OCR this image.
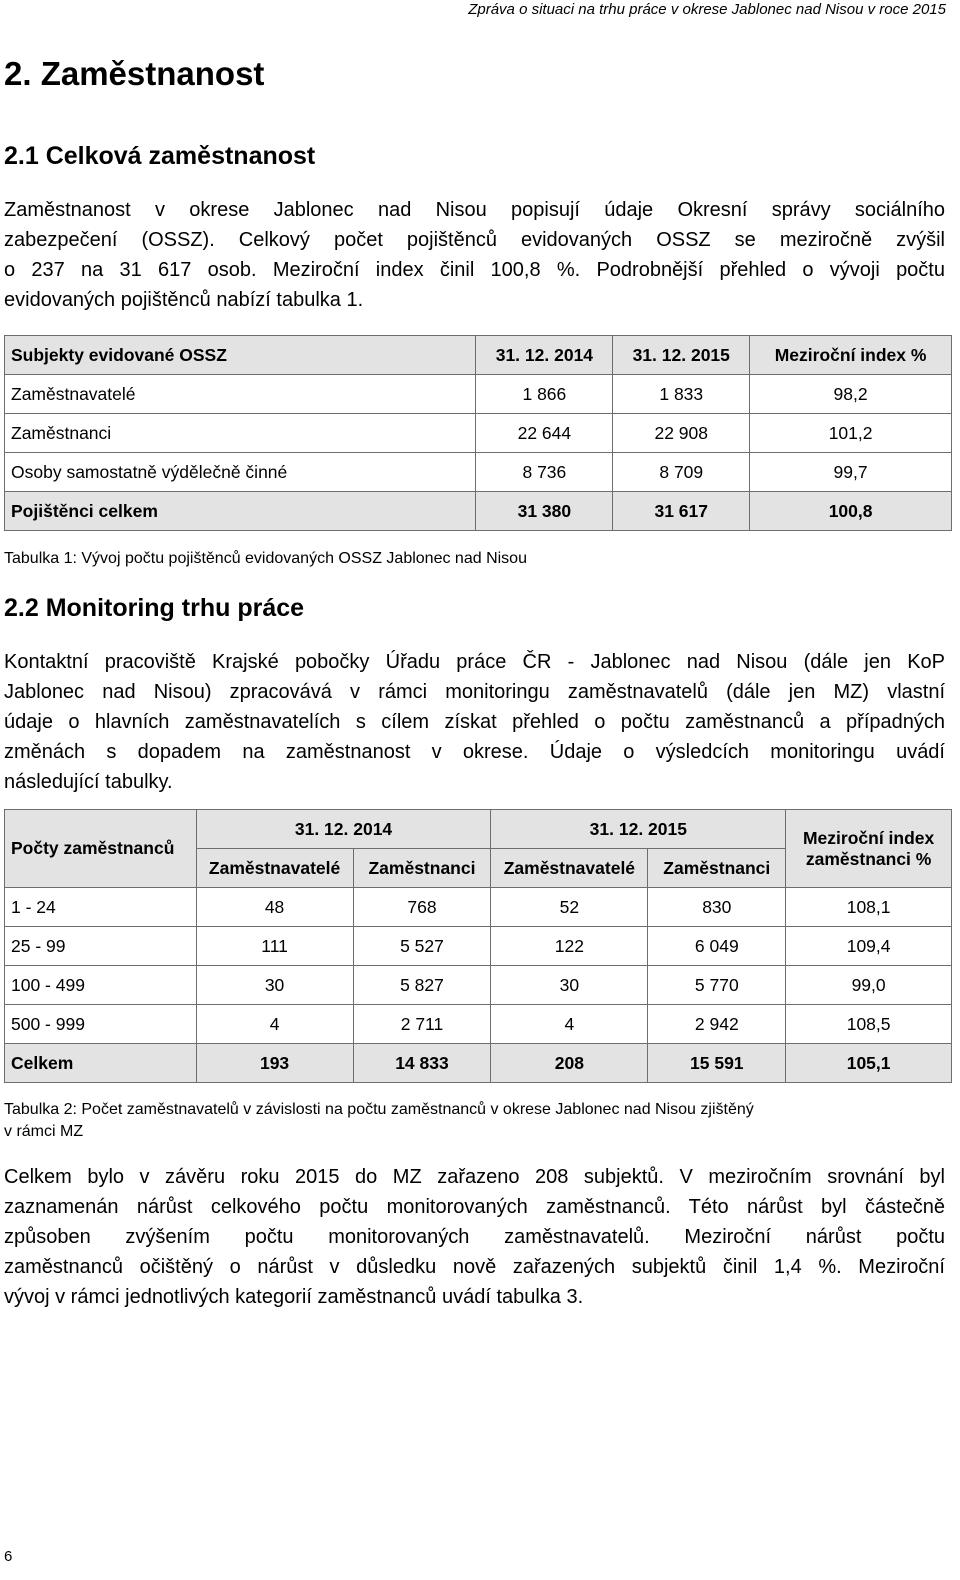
Zpráva o situaci na trhu práce v okrese Jablonec nad Nisou v roce 2015
2. Zaměstnanost
2.1 Celková zaměstnanost
Zaměstnanost v okrese Jablonec nad Nisou popisují údaje Okresní správy sociálního
zabezpečení (OSSZ). Celkový počet pojištěnců evidovaných OSSZ se meziročně zvýšil
o 237 na 31 617 osob. Meziroční index činil 100,8 %. Podrobnější přehled o vývoji počtu
evidovaných pojištěnců nabízí tabulka 1.
Subjekty evidované OSSZ	31. 12. 2014	31. 12. 2015	Meziroční index %
Zaměstnavatelé	1 866	1 833	98,2
Zaměstnanci	22 644	22 908	101,2
Osoby samostatně výdělečně činné	8 736	8 709	99,7
Pojištěnci celkem	31 380	31 617	100,8
Tabulka 1: Vývoj počtu pojištěnců evidovaných OSSZ Jablonec nad Nisou
2.2 Monitoring trhu práce
Kontaktní pracoviště Krajské pobočky Úřadu práce ČR - Jablonec nad Nisou (dále jen KoP
Jablonec nad Nisou) zpracovává v rámci monitoringu zaměstnavatelů (dále jen MZ) vlastní
údaje o hlavních zaměstnavatelích s cílem získat přehled o počtu zaměstnanců a případných
změnách s dopadem na zaměstnanost v okrese. Údaje o výsledcích monitoringu uvádí
následující tabulky.
Počty zaměstnanců	31. 12. 2014		31. 12. 2015		Meziroční index zaměstnanci %
	Zaměstnavatelé	Zaměstnanci	Zaměstnavatelé	Zaměstnanci	
1 - 24	48	768	52	830	108,1
25 - 99	111	5 527	122	6 049	109,4
100 - 499	30	5 827	30	5 770	99,0
500 - 999	4	2 711	4	2 942	108,5
Celkem	193	14 833	208	15 591	105,1
Tabulka 2: Počet zaměstnavatelů v závislosti na počtu zaměstnanců v okrese Jablonec nad Nisou zjištěný
v rámci MZ
Celkem bylo v závěru roku 2015 do MZ zařazeno 208 subjektů. V meziročním srovnání byl
zaznamenán nárůst celkového počtu monitorovaných zaměstnanců. Této nárůst byl částečně
způsoben zvýšením počtu monitorovaných zaměstnavatelů. Meziroční nárůst počtu
zaměstnanců očištěný o nárůst v důsledku nově zařazených subjektů činil 1,4 %. Meziroční
vývoj v rámci jednotlivých kategorií zaměstnanců uvádí tabulka 3.
6
